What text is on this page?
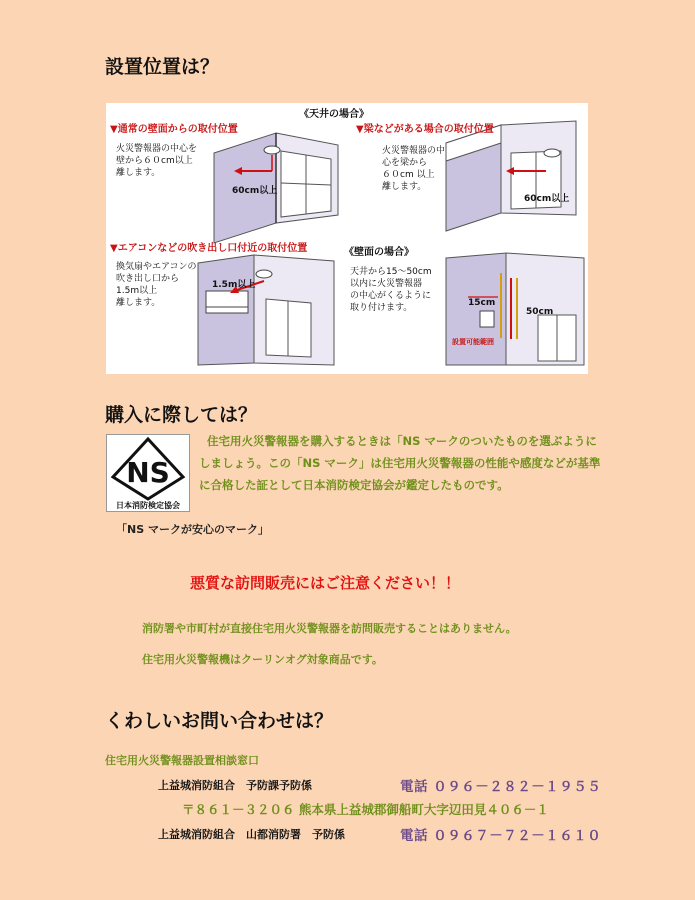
設置位置は？
《天井の場合》
▼通常の壁面からの取付位置
火災警報器の中心を
壁から６０cm以上
離します。
60cm以上
▼梁などがある場合の取付位置
火災警報器の中
心を梁から
６０cm 以上
離します。
60cm以上
▼エアコンなどの吹き出し口付近の取付位置
換気扇やエアコンの
吹き出し口から
1.5m以上
離します。
1.5m以上
《壁面の場合》
天井から15～50cm
以内に火災警報器
の中心がくるように
取り付けます。	15cm
50cm
設置可能範囲
購入に際しては？
NS
日本消防検定協会
住宅用火災警報器を購入するときは「NS マークのついたものを選ぶようにしましょう。この「NS マーク」は住宅用火災警報器の性能や感度などが基準に合格した証として日本消防検定協会が鑑定したものです。
「NS マークが安心のマーク」
悪質な訪問販売にはご注意ください！！
消防署や市町村が直接住宅用火災警報器を訪問販売することはありません。
住宅用火災警報機はクーリンオグ対象商品です。
くわしいお問い合わせは？
住宅用火災警報器設置相談窓口
上益城消防組合　予防課予防係	電話 ０９６－２８２－１９５５
〒８６１－３２０６ 熊本県上益城郡御船町大字辺田見４０６－１
上益城消防組合　山都消防署　予防係	電話 ０９６７－７２－１６１０
